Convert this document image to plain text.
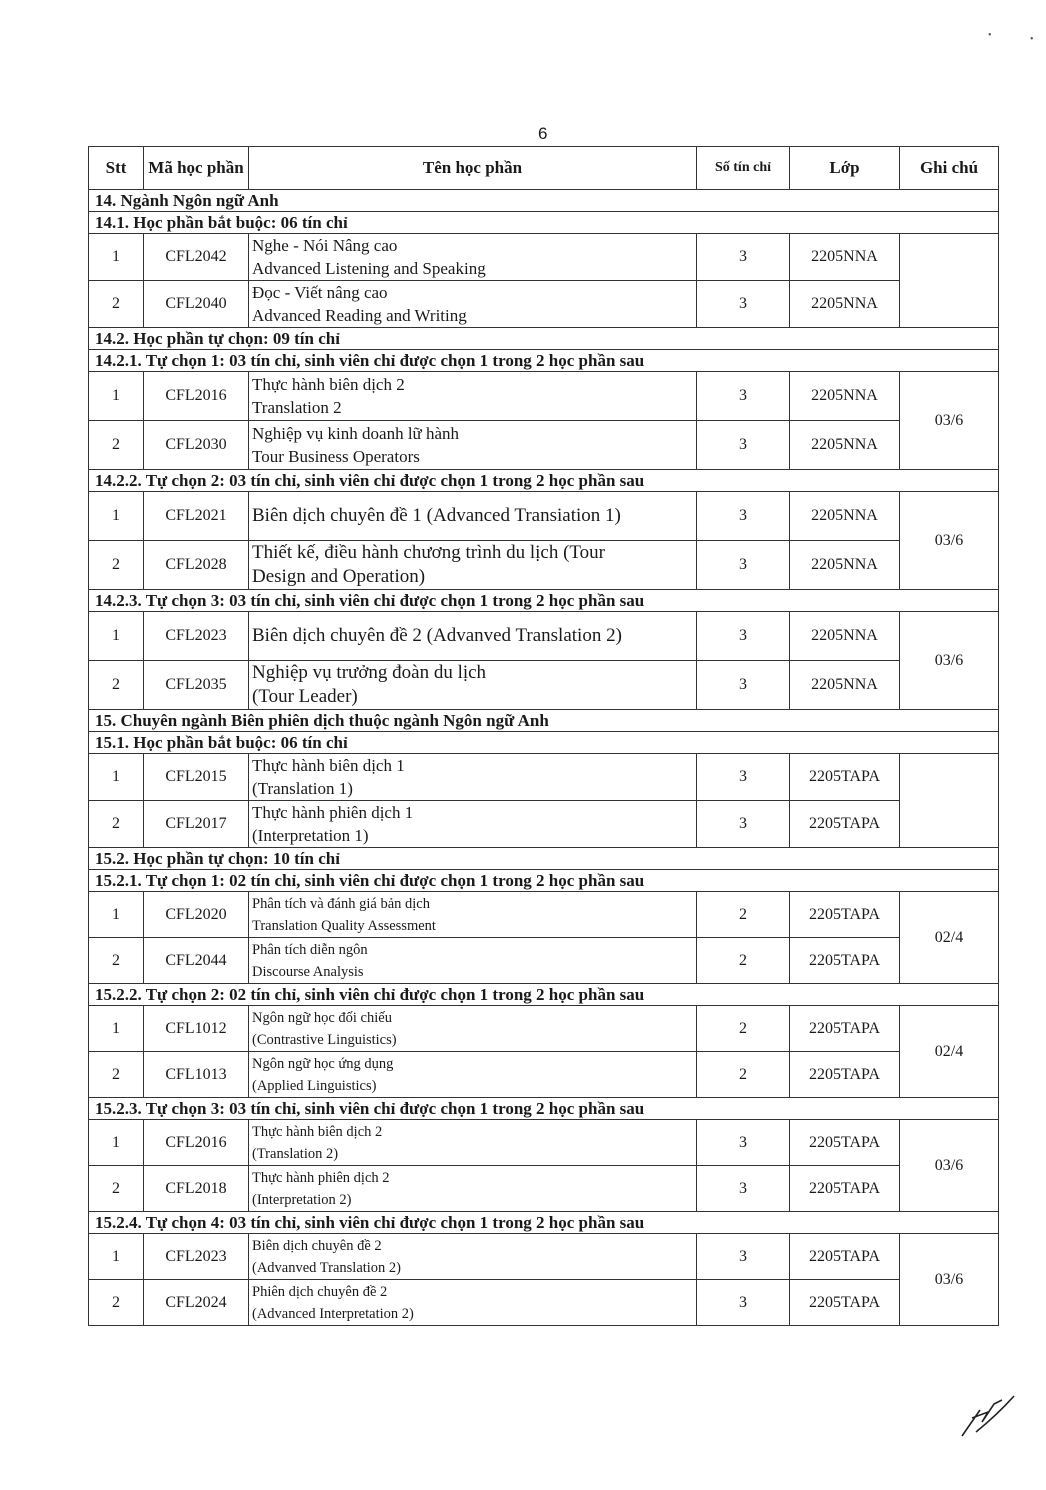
6
•	•
Stt	Mã học phần	Tên học phần	Số tín chỉ	Lớp	Ghi chú
14. Ngành Ngôn ngữ Anh					
14.1. Học phần bắt buộc: 06 tín chỉ					
1	CFL2042	Nghe - Nói Nâng cao
Advanced Listening and Speaking	3	2205NNA	
2	CFL2040	Đọc - Viết nâng cao
Advanced Reading and Writing	3	2205NNA	
14.2. Học phần tự chọn: 09 tín chỉ					
14.2.1. Tự chọn 1: 03 tín chỉ, sinh viên chỉ được chọn 1 trong 2 học phần sau					
1	CFL2016	Thực hành biên dịch 2
Translation 2	3	2205NNA	03/6
2	CFL2030	Nghiệp vụ kinh doanh lữ hành
Tour Business Operators	3	2205NNA	
14.2.2. Tự chọn 2: 03 tín chỉ, sinh viên chỉ được chọn 1 trong 2 học phần sau					
1	CFL2021	Biên dịch chuyên đề 1 (Advanced Transiation 1)	3	2205NNA	03/6
2	CFL2028	Thiết kế, điều hành chương trình du lịch (Tour
Design and Operation)	3	2205NNA	
14.2.3. Tự chọn 3: 03 tín chỉ, sinh viên chỉ được chọn 1 trong 2 học phần sau					
1	CFL2023	Biên dịch chuyên đề 2 (Advanved Translation 2)	3	2205NNA	03/6
2	CFL2035	Nghiệp vụ trưởng đoàn du lịch
(Tour Leader)	3	2205NNA	
15. Chuyên ngành Biên phiên dịch thuộc ngành Ngôn ngữ Anh					
15.1. Học phần bắt buộc: 06 tín chỉ					
1	CFL2015	Thực hành biên dịch 1
(Translation 1)	3	2205TAPA	
2	CFL2017	Thực hành phiên dịch 1
(Interpretation 1)	3	2205TAPA	
15.2. Học phần tự chọn: 10 tín chỉ					
15.2.1. Tự chọn 1: 02 tín chỉ, sinh viên chỉ được chọn 1 trong 2 học phần sau					
1	CFL2020	Phân tích và đánh giá bản dịch
Translation Quality Assessment	2	2205TAPA	02/4
2	CFL2044	Phân tích diễn ngôn
Discourse Analysis	2	2205TAPA	
15.2.2. Tự chọn 2: 02 tín chỉ, sinh viên chỉ được chọn 1 trong 2 học phần sau					
1	CFL1012	Ngôn ngữ học đối chiếu
(Contrastive Linguistics)	2	2205TAPA	02/4
2	CFL1013	Ngôn ngữ học ứng dụng
(Applied Linguistics)	2	2205TAPA	
15.2.3. Tự chọn 3: 03 tín chỉ, sinh viên chỉ được chọn 1 trong 2 học phần sau					
1	CFL2016	Thực hành biên dịch 2
(Translation 2)	3	2205TAPA	03/6
2	CFL2018	Thực hành phiên dịch 2
(Interpretation 2)	3	2205TAPA	
15.2.4. Tự chọn 4: 03 tín chỉ, sinh viên chỉ được chọn 1 trong 2 học phần sau					
1	CFL2023	Biên dịch chuyên đề 2
(Advanved Translation 2)	3	2205TAPA	03/6
2	CFL2024	Phiên dịch chuyên đề 2
(Advanced Interpretation 2)	3	2205TAPA	
